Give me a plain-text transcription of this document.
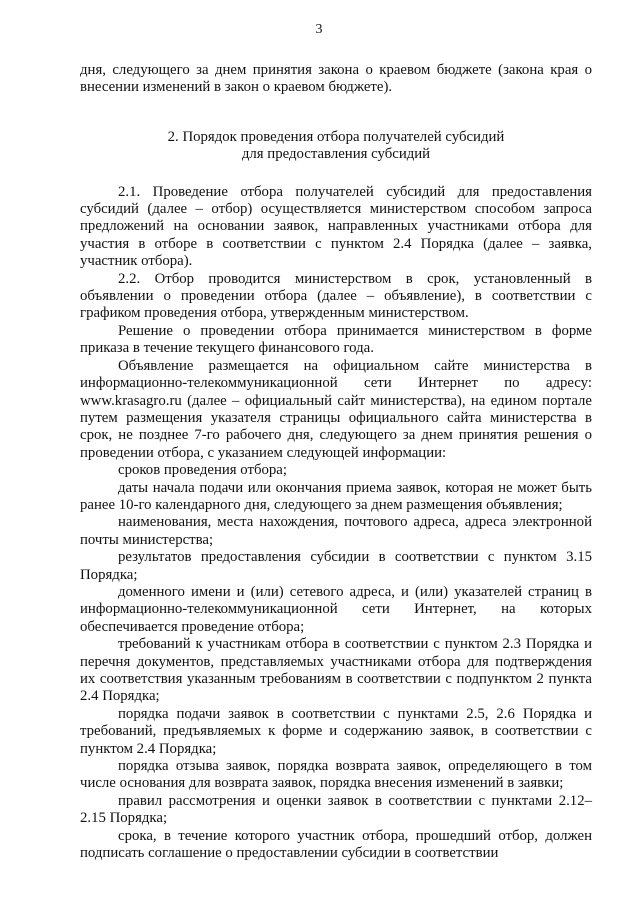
3

дня, следующего за днем принятия закона о краевом бюджете (закона края о внесении изменений в закон о краевом бюджете).

2. Порядок проведения отбора получателей субсидий
для предоставления субсидий

2.1. Проведение отбора получателей субсидий для предоставления субсидий (далее – отбор) осуществляется министерством способом запроса предложений на основании заявок, направленных участниками отбора для участия в отборе в соответствии с пунктом 2.4 Порядка (далее – заявка, участник отбора).

2.2. Отбор проводится министерством в срок, установленный в объявлении о проведении отбора (далее – объявление), в соответствии с графиком проведения отбора, утвержденным министерством.

Решение о проведении отбора принимается министерством в форме приказа в течение текущего финансового года.

Объявление размещается на официальном сайте министерства в информационно-телекоммуникационной сети Интернет по адресу: www.krasagro.ru (далее – официальный сайт министерства), на едином портале путем размещения указателя страницы официального сайта министерства в срок, не позднее 7-го рабочего дня, следующего за днем принятия решения о проведении отбора, с указанием следующей информации:

сроков проведения отбора;

даты начала подачи или окончания приема заявок, которая не может быть ранее 10-го календарного дня, следующего за днем размещения объявления;

наименования, места нахождения, почтового адреса, адреса электронной почты министерства;

результатов предоставления субсидии в соответствии с пунктом 3.15 Порядка;

доменного имени и (или) сетевого адреса, и (или) указателей страниц в информационно-телекоммуникационной сети Интернет, на которых обеспечивается проведение отбора;

требований к участникам отбора в соответствии с пунктом 2.3 Порядка и перечня документов, представляемых участниками отбора для подтверждения их соответствия указанным требованиям в соответствии с подпунктом 2 пункта 2.4 Порядка;

порядка подачи заявок в соответствии с пунктами 2.5, 2.6 Порядка и требований, предъявляемых к форме и содержанию заявок, в соответствии с пунктом 2.4 Порядка;

порядка отзыва заявок, порядка возврата заявок, определяющего в том числе основания для возврата заявок, порядка внесения изменений в заявки;

правил рассмотрения и оценки заявок в соответствии с пунктами 2.12–2.15 Порядка;

срока, в течение которого участник отбора, прошедший отбор, должен подписать соглашение о предоставлении субсидии в соответствии
